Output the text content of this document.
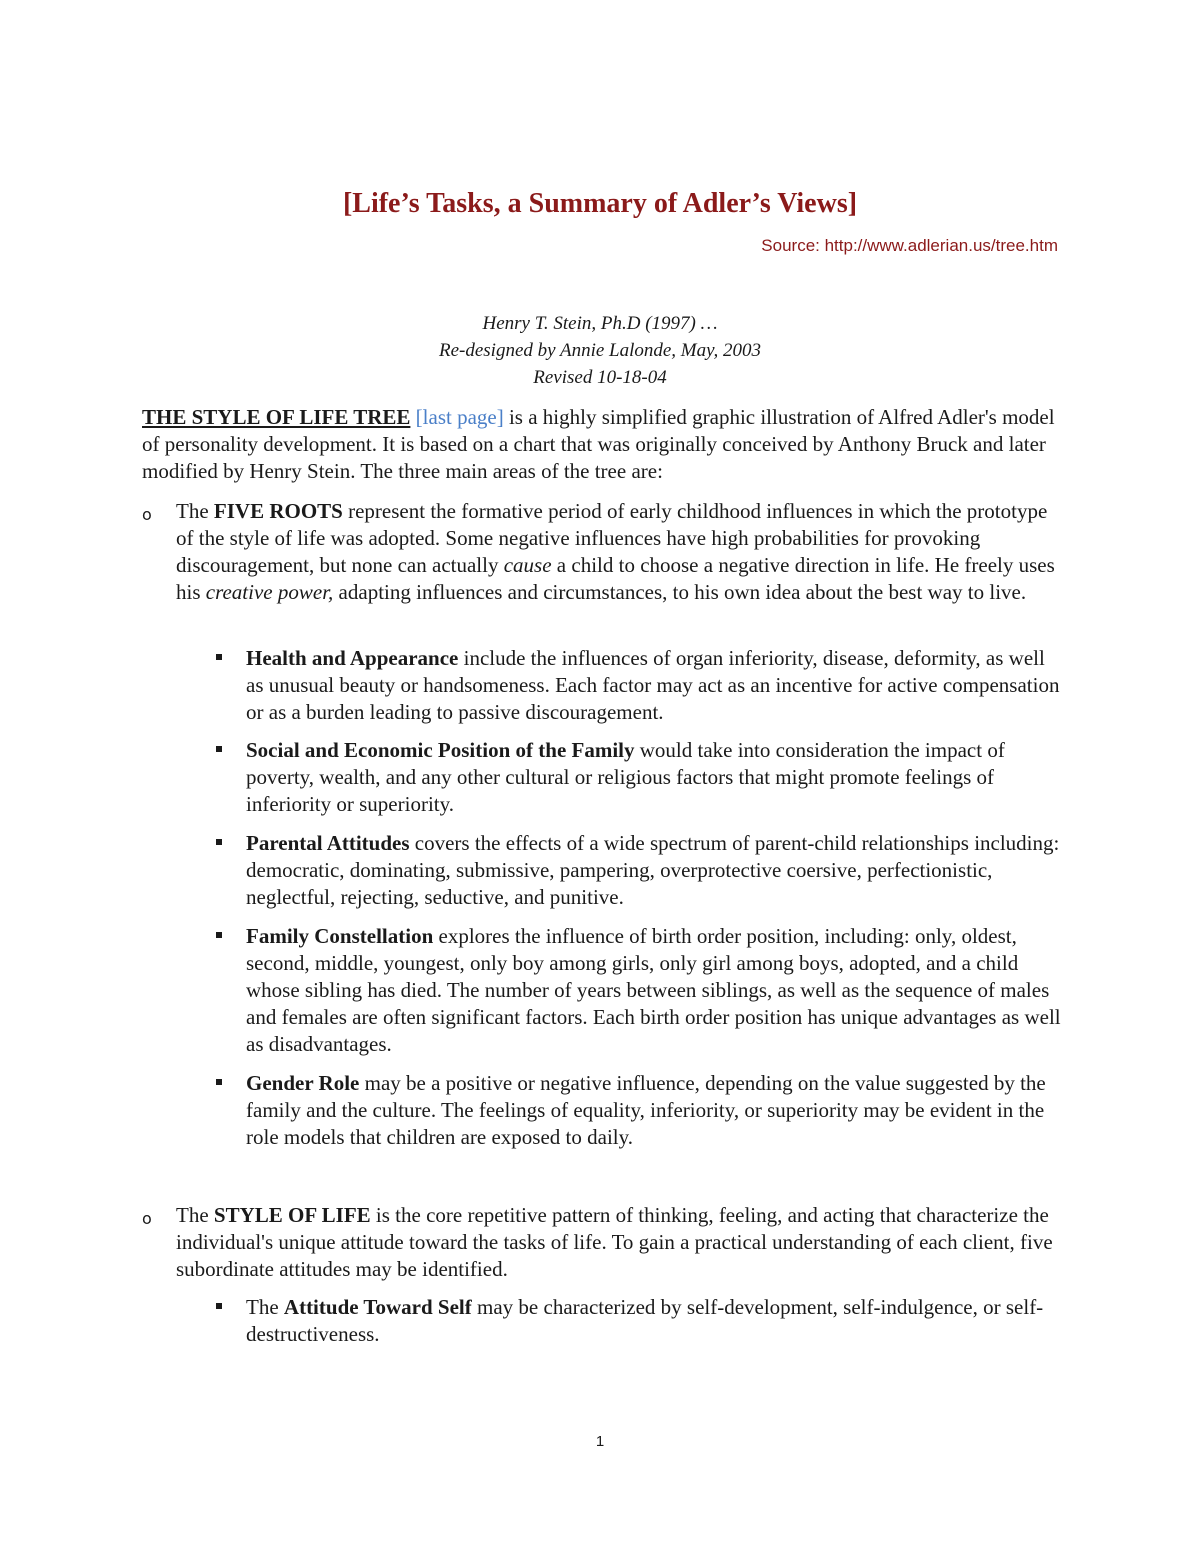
[Life’s Tasks, a Summary of Adler’s Views]
Source: http://www.adlerian.us/tree.htm
Henry T. Stein, Ph.D (1997) …
Re-designed by Annie Lalonde, May, 2003
Revised 10-18-04
THE STYLE OF LIFE TREE [last page] is a highly simplified graphic illustration of Alfred Adler's model of personality development. It is based on a chart that was originally conceived by Anthony Bruck and later modified by Henry Stein. The three main areas of the tree are:
o The FIVE ROOTS represent the formative period of early childhood influences in which the prototype of the style of life was adopted. Some negative influences have high probabilities for provoking discouragement, but none can actually cause a child to choose a negative direction in life. He freely uses his creative power, adapting influences and circumstances, to his own idea about the best way to live.
Health and Appearance include the influences of organ inferiority, disease, deformity, as well as unusual beauty or handsomeness. Each factor may act as an incentive for active compensation or as a burden leading to passive discouragement.
Social and Economic Position of the Family would take into consideration the impact of poverty, wealth, and any other cultural or religious factors that might promote feelings of inferiority or superiority.
Parental Attitudes covers the effects of a wide spectrum of parent-child relationships including: democratic, dominating, submissive, pampering, overprotective coersive, perfectionistic, neglectful, rejecting, seductive, and punitive.
Family Constellation explores the influence of birth order position, including: only, oldest, second, middle, youngest, only boy among girls, only girl among boys, adopted, and a child whose sibling has died. The number of years between siblings, as well as the sequence of males and females are often significant factors. Each birth order position has unique advantages as well as disadvantages.
Gender Role may be a positive or negative influence, depending on the value suggested by the family and the culture. The feelings of equality, inferiority, or superiority may be evident in the role models that children are exposed to daily.
o The STYLE OF LIFE is the core repetitive pattern of thinking, feeling, and acting that characterize the individual's unique attitude toward the tasks of life. To gain a practical understanding of each client, five subordinate attitudes may be identified.
The Attitude Toward Self may be characterized by self-development, self-indulgence, or self-destructiveness.
1
